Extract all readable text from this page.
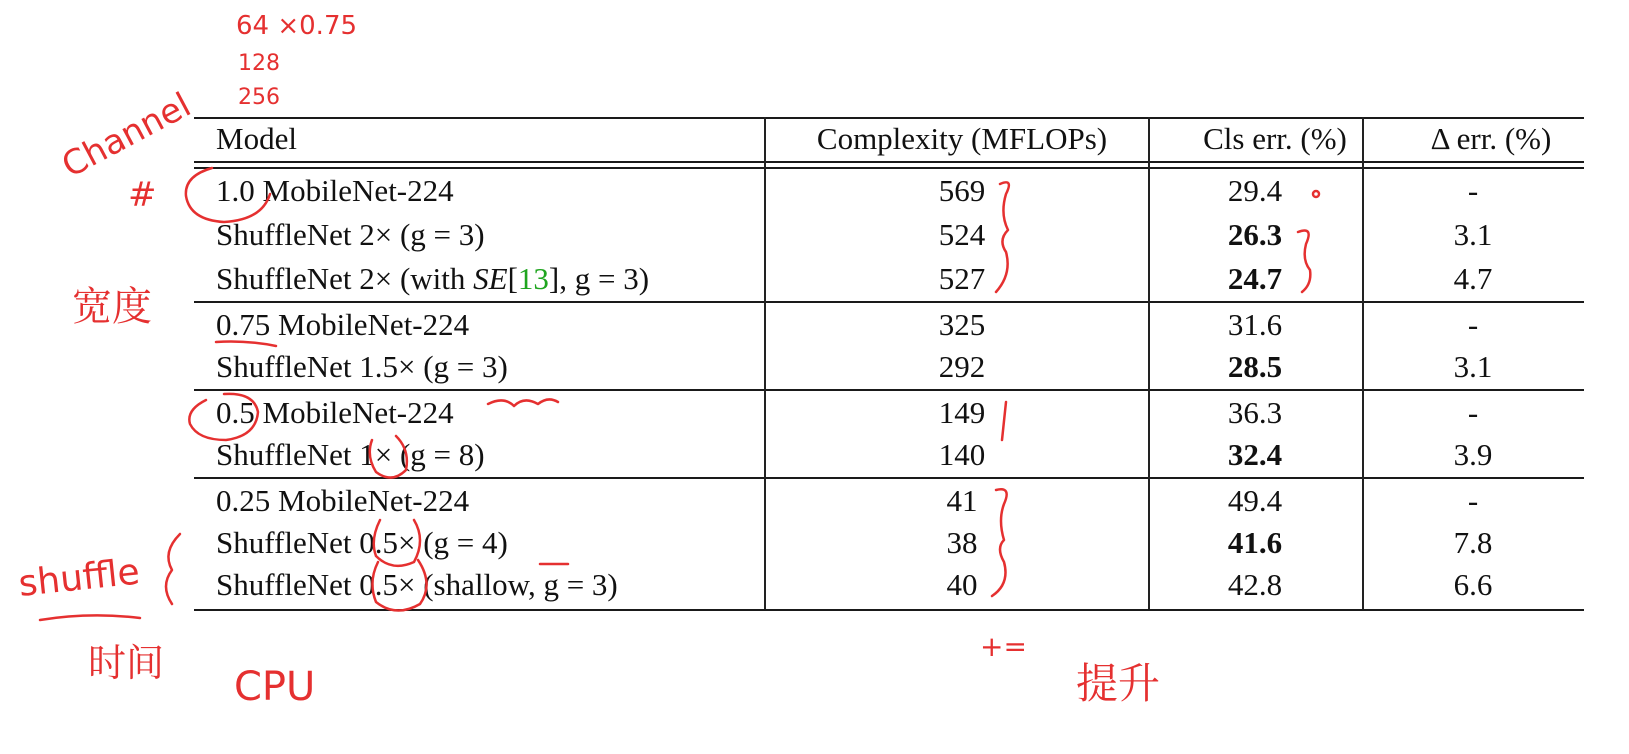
Model	Complexity (MFLOPs)	Cls err. (%)	Δ err. (%)
1.0 MobileNet-224	569	29.4	-
ShuffleNet 2× (g = 3)	524	26.3	3.1
ShuffleNet 2× (with SE[13], g = 3)	527	24.7	4.7
0.75 MobileNet-224	325	31.6	-
ShuffleNet 1.5× (g = 3)	292	28.5	3.1
0.5 MobileNet-224	149	36.3	-
ShuffleNet 1× (g = 8)	140	32.4	3.9
0.25 MobileNet-224	41	49.4	-
ShuffleNet 0.5× (g = 4)	38	41.6	7.8
ShuffleNet 0.5× (shallow, g = 3)	40	42.8	6.6
64 ×0.75
128
256
Channel
#
宽度
shuffle
时间
CPU
+=
提升
